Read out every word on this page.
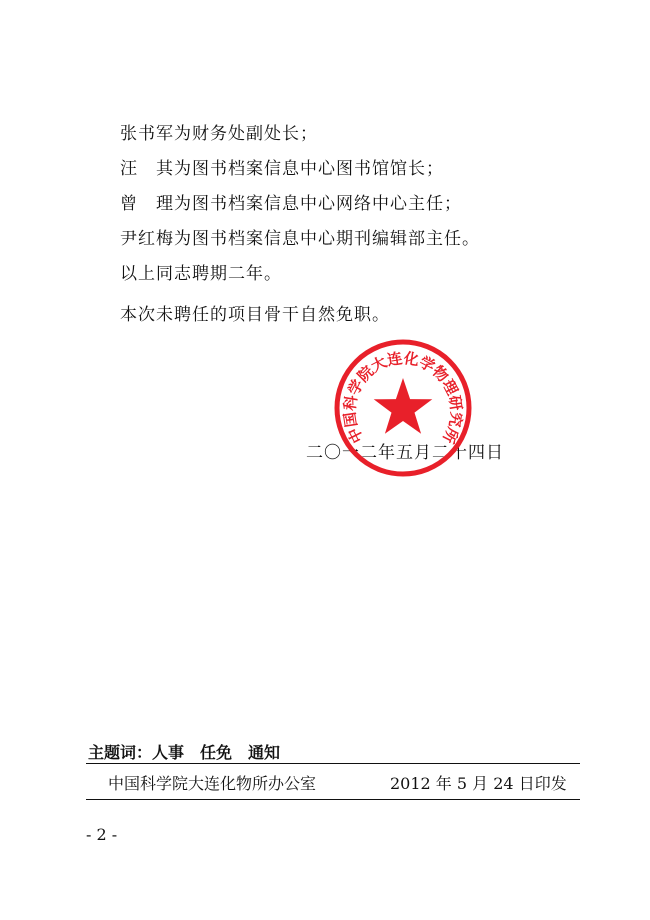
张书军为财务处副处长；
汪　其为图书档案信息中心图书馆馆长；
曾　理为图书档案信息中心网络中心主任；
尹红梅为图书档案信息中心期刊编辑部主任。
以上同志聘期二年。
本次未聘任的项目骨干自然免职。
二〇一二年五月二十四日
中国科学院大连化学物理研究所
主题词：人事　任免　通知
中国科学院大连化物所办公室	2012 年 5 月 24 日印发
- 2 -
